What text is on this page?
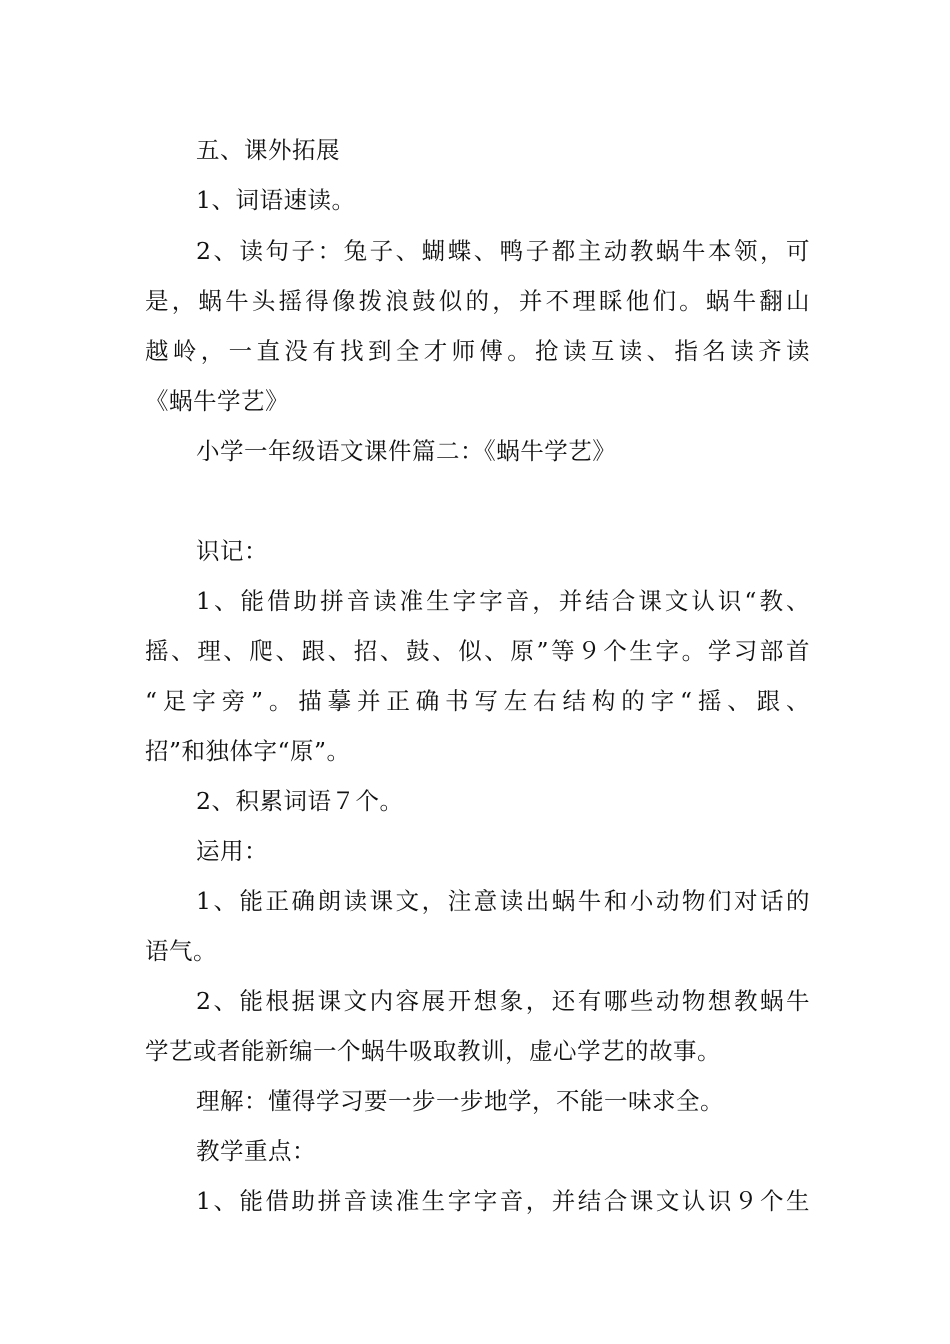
五、课外拓展
1、词语速读。
2、读句子：兔子、蝴蝶、鸭子都主动教蜗牛本领，可
是，蜗牛头摇得像拨浪鼓似的，并不理睬他们。蜗牛翻山
越岭，一直没有找到全才师傅。抢读互读、指名读齐读
《蜗牛学艺》
小学一年级语文课件篇二：《蜗牛学艺》
识记：
1、能借助拼音读准生字字音，并结合课文认识“教、
摇、理、爬、跟、招、鼓、似、原”等９个生字。学习部首
“足字旁”。描摹并正确书写左右结构的字“摇、跟、
招”和独体字“原”。
2、积累词语７个。
运用：
1、能正确朗读课文，注意读出蜗牛和小动物们对话的
语气。
2、能根据课文内容展开想象，还有哪些动物想教蜗牛
学艺或者能新编一个蜗牛吸取教训，虚心学艺的故事。
理解：懂得学习要一步一步地学，不能一味求全。
教学重点：
1、能借助拼音读准生字字音，并结合课文认识９个生
